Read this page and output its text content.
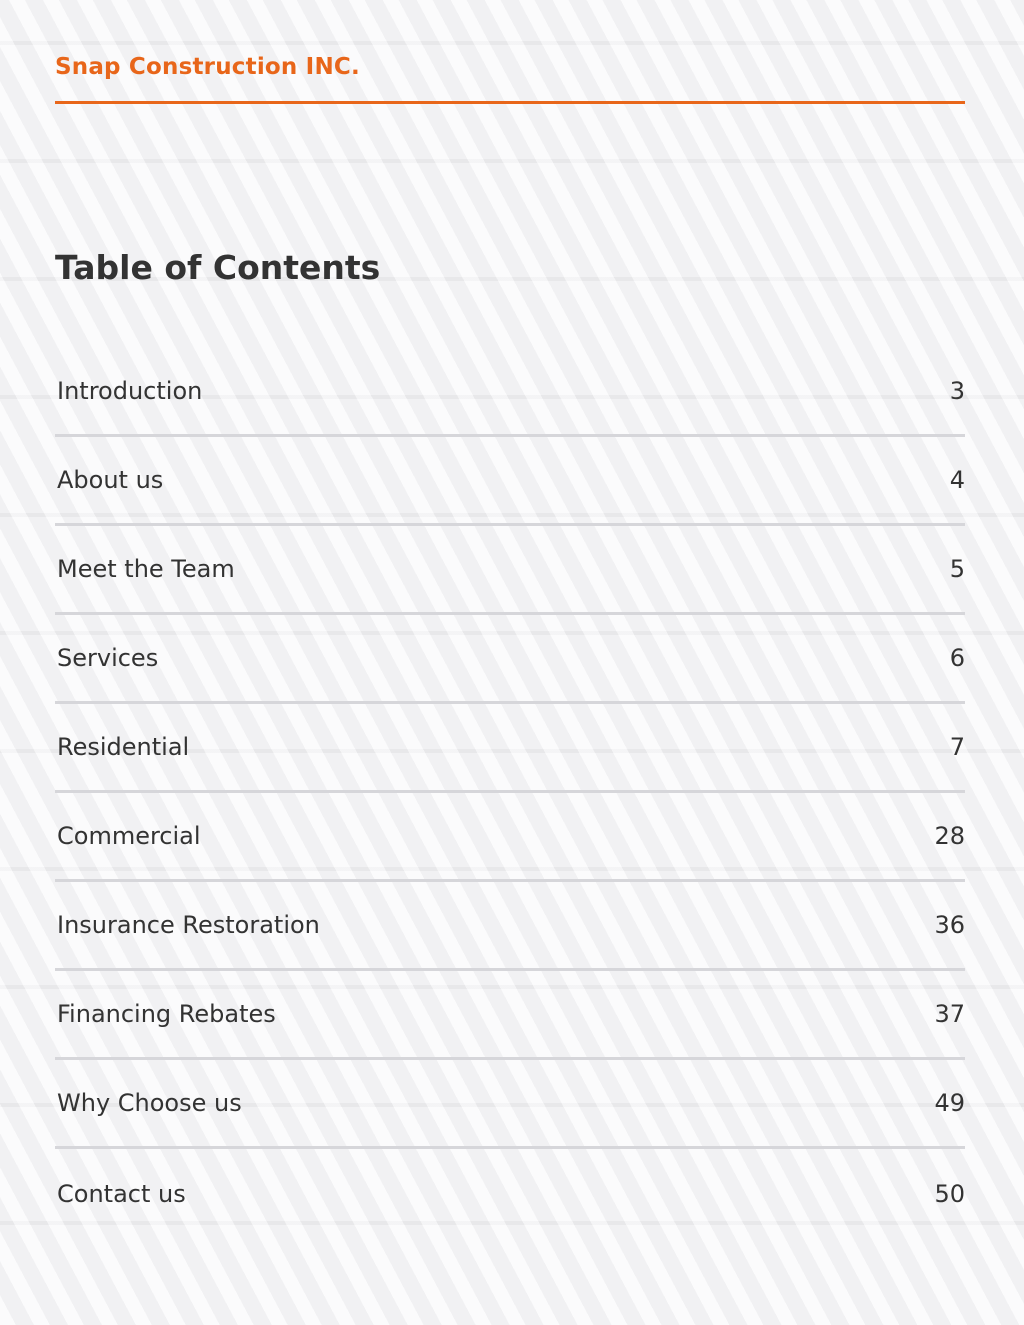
Snap Construction INC.
Table of Contents
Introduction	3
About us	4
Meet the Team	5
Services	6
Residential	7
Commercial	28
Insurance Restoration	36
Financing Rebates	37
Why Choose us	49
Contact us	50
